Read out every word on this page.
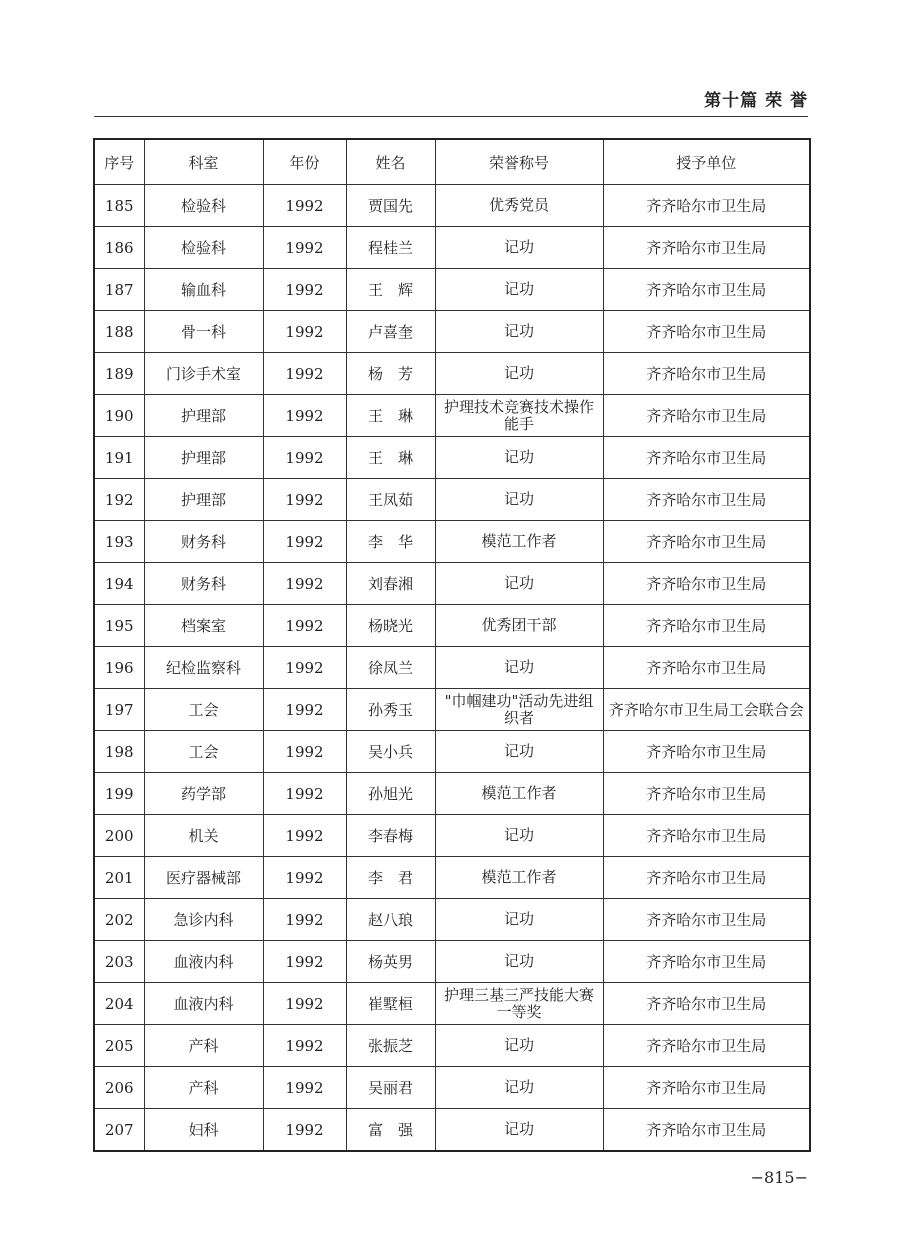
第十篇 荣 誉
序号	科室	年份	姓名	荣誉称号	授予单位
185	检验科	1992	贾国先	优秀党员	齐齐哈尔市卫生局
186	检验科	1992	程桂兰	记功	齐齐哈尔市卫生局
187	输血科	1992	王　辉	记功	齐齐哈尔市卫生局
188	骨一科	1992	卢喜奎	记功	齐齐哈尔市卫生局
189	门诊手术室	1992	杨　芳	记功	齐齐哈尔市卫生局
190	护理部	1992	王　琳	护理技术竞赛技术操作能手	齐齐哈尔市卫生局
191	护理部	1992	王　琳	记功	齐齐哈尔市卫生局
192	护理部	1992	王凤茹	记功	齐齐哈尔市卫生局
193	财务科	1992	李　华	模范工作者	齐齐哈尔市卫生局
194	财务科	1992	刘春湘	记功	齐齐哈尔市卫生局
195	档案室	1992	杨晓光	优秀团干部	齐齐哈尔市卫生局
196	纪检监察科	1992	徐凤兰	记功	齐齐哈尔市卫生局
197	工会	1992	孙秀玉	"巾帼建功"活动先进组织者	齐齐哈尔市卫生局工会联合会
198	工会	1992	吴小兵	记功	齐齐哈尔市卫生局
199	药学部	1992	孙旭光	模范工作者	齐齐哈尔市卫生局
200	机关	1992	李春梅	记功	齐齐哈尔市卫生局
201	医疗器械部	1992	李　君	模范工作者	齐齐哈尔市卫生局
202	急诊内科	1992	赵八琅	记功	齐齐哈尔市卫生局
203	血液内科	1992	杨英男	记功	齐齐哈尔市卫生局
204	血液内科	1992	崔墅桓	护理三基三严技能大赛一等奖	齐齐哈尔市卫生局
205	产科	1992	张振芝	记功	齐齐哈尔市卫生局
206	产科	1992	吴丽君	记功	齐齐哈尔市卫生局
207	妇科	1992	富　强	记功	齐齐哈尔市卫生局
−815−
